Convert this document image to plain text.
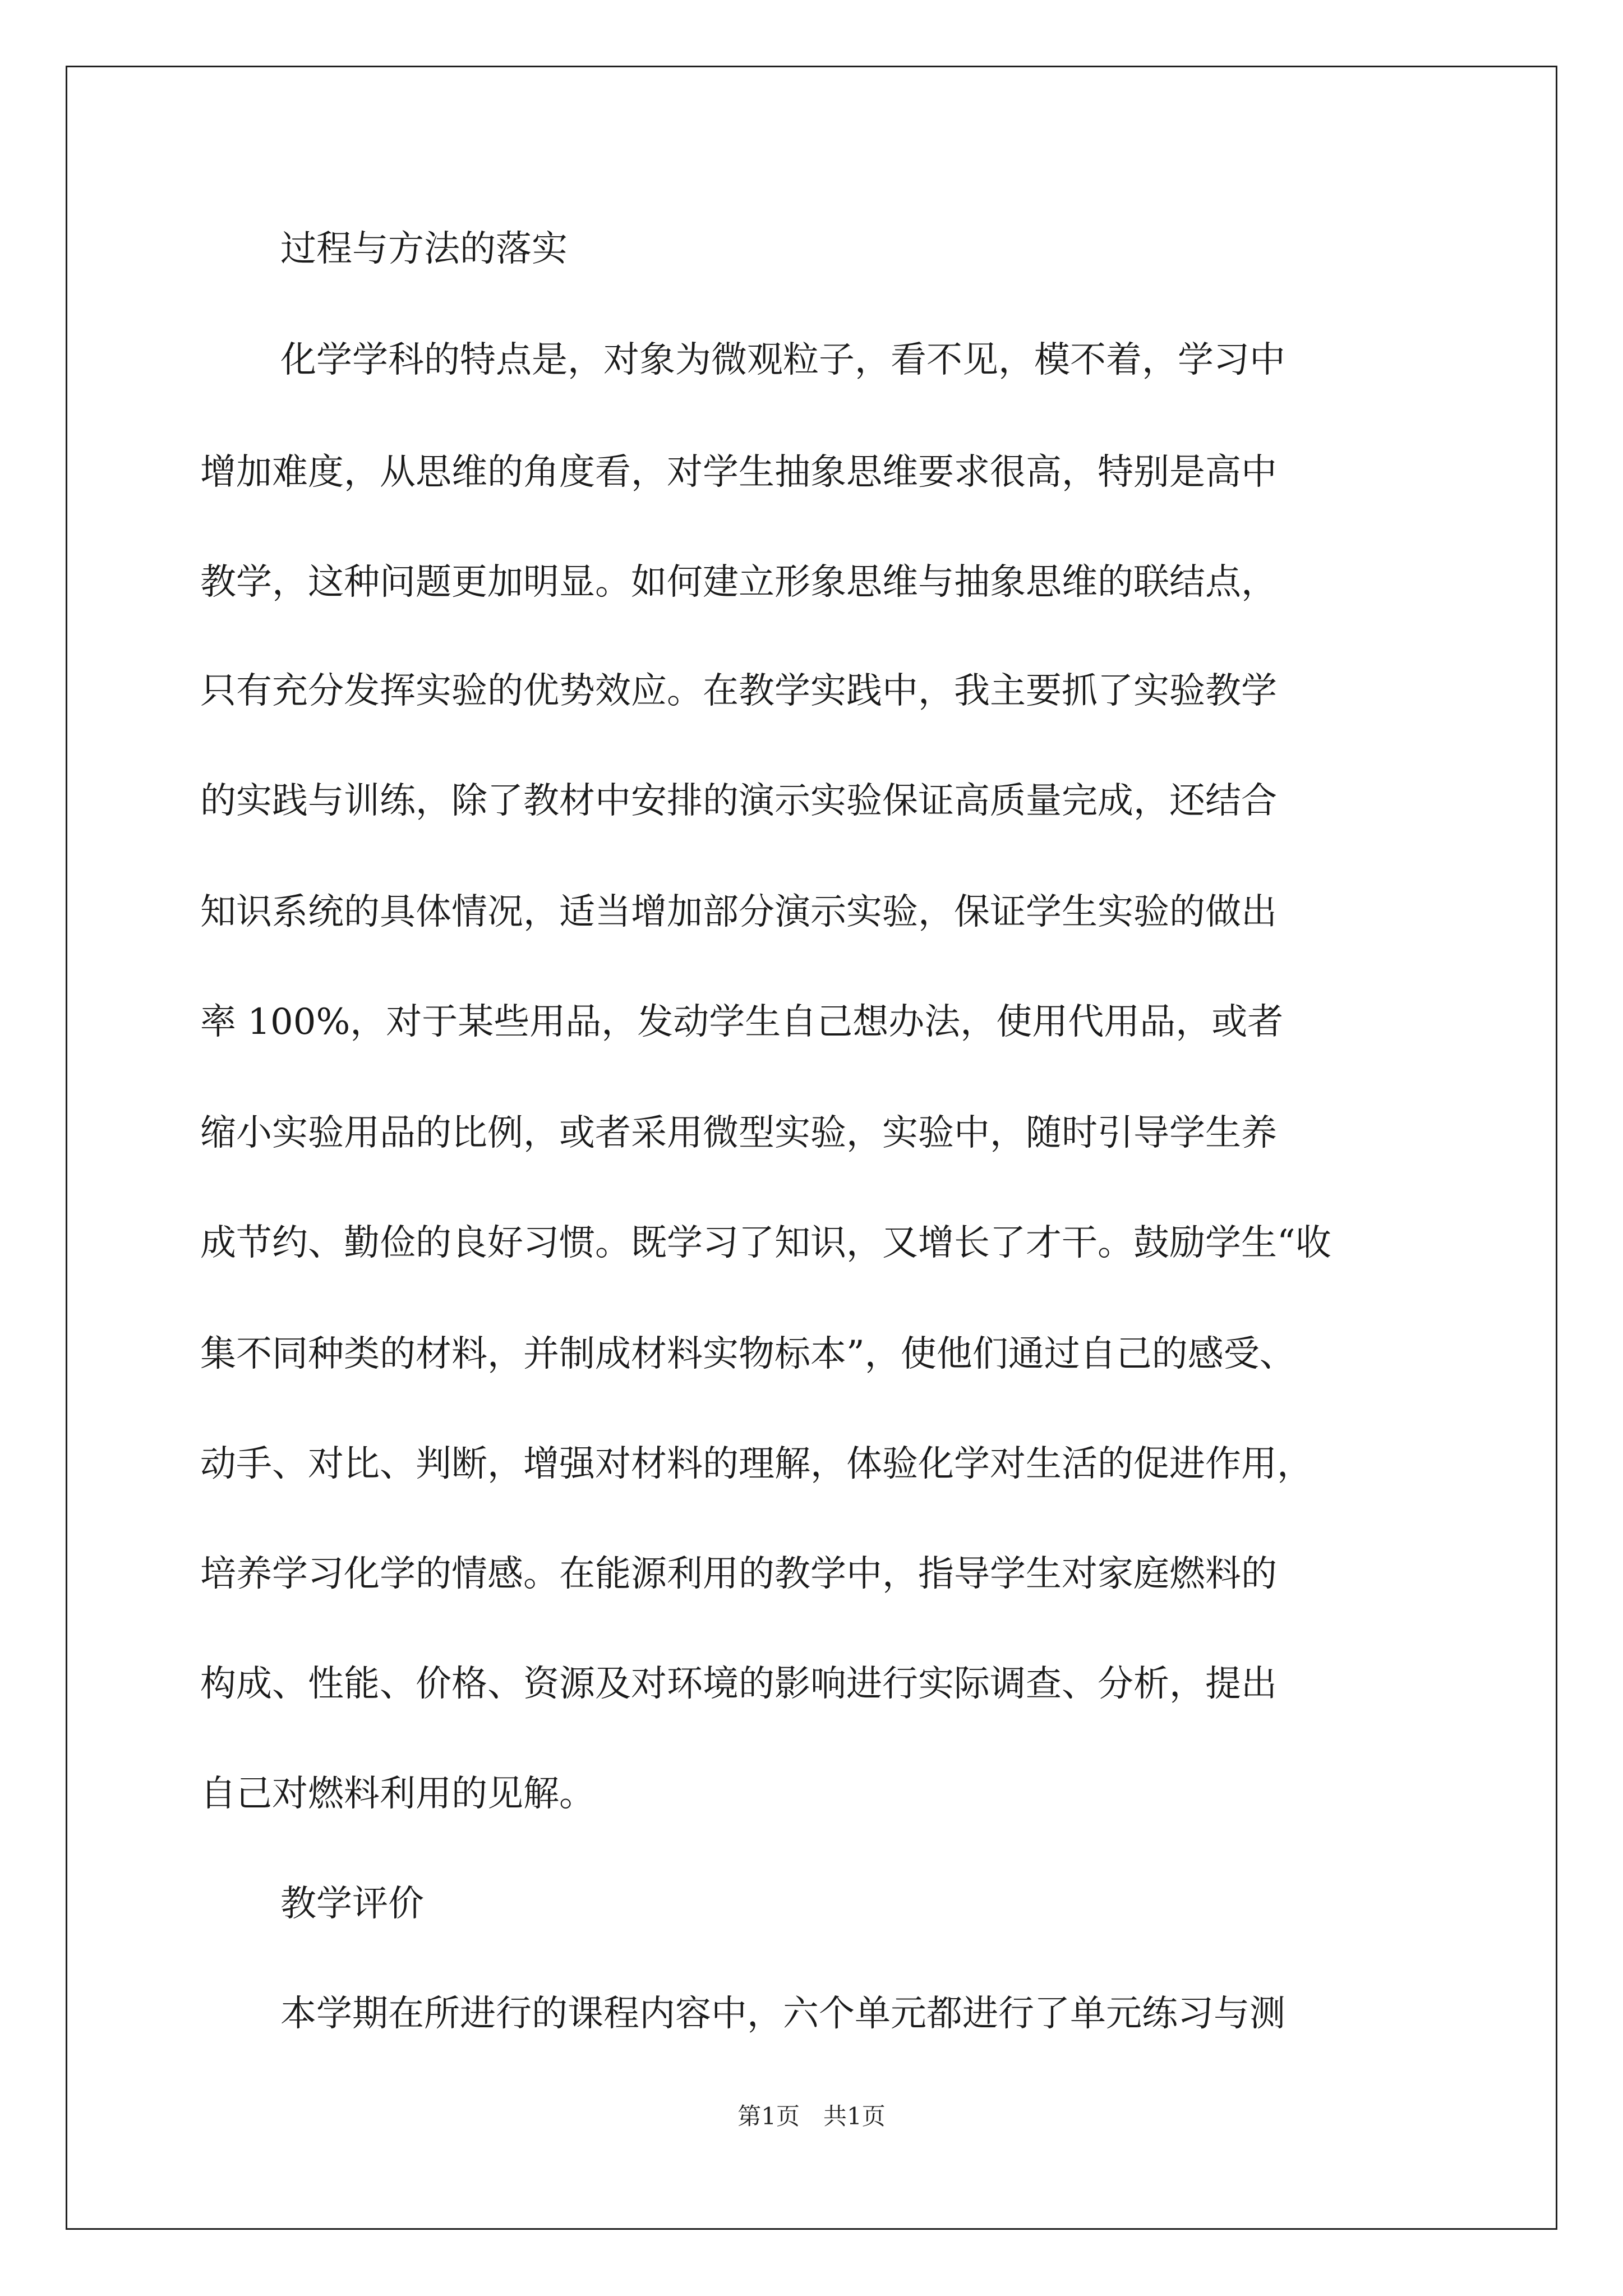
过程与方法的落实
化学学科的特点是，对象为微观粒子，看不见，模不着，学习中
增加难度，从思维的角度看，对学生抽象思维要求很高，特别是高中
教学，这种问题更加明显。如何建立形象思维与抽象思维的联结点，
只有充分发挥实验的优势效应。在教学实践中，我主要抓了实验教学
的实践与训练，除了教材中安排的演示实验保证高质量完成，还结合
知识系统的具体情况，适当增加部分演示实验，保证学生实验的做出
率 100%，对于某些用品，发动学生自己想办法，使用代用品，或者
缩小实验用品的比例，或者采用微型实验，实验中，随时引导学生养
成节约、勤俭的良好习惯。既学习了知识，又增长了才干。鼓励学生“收
集不同种类的材料，并制成材料实物标本”，使他们通过自己的感受、
动手、对比、判断，增强对材料的理解，体验化学对生活的促进作用，
培养学习化学的情感。在能源利用的教学中，指导学生对家庭燃料的
构成、性能、价格、资源及对环境的影响进行实际调查、分析，提出
自己对燃料利用的见解。
教学评价
本学期在所进行的课程内容中，六个单元都进行了单元练习与测
第1页　共1页
